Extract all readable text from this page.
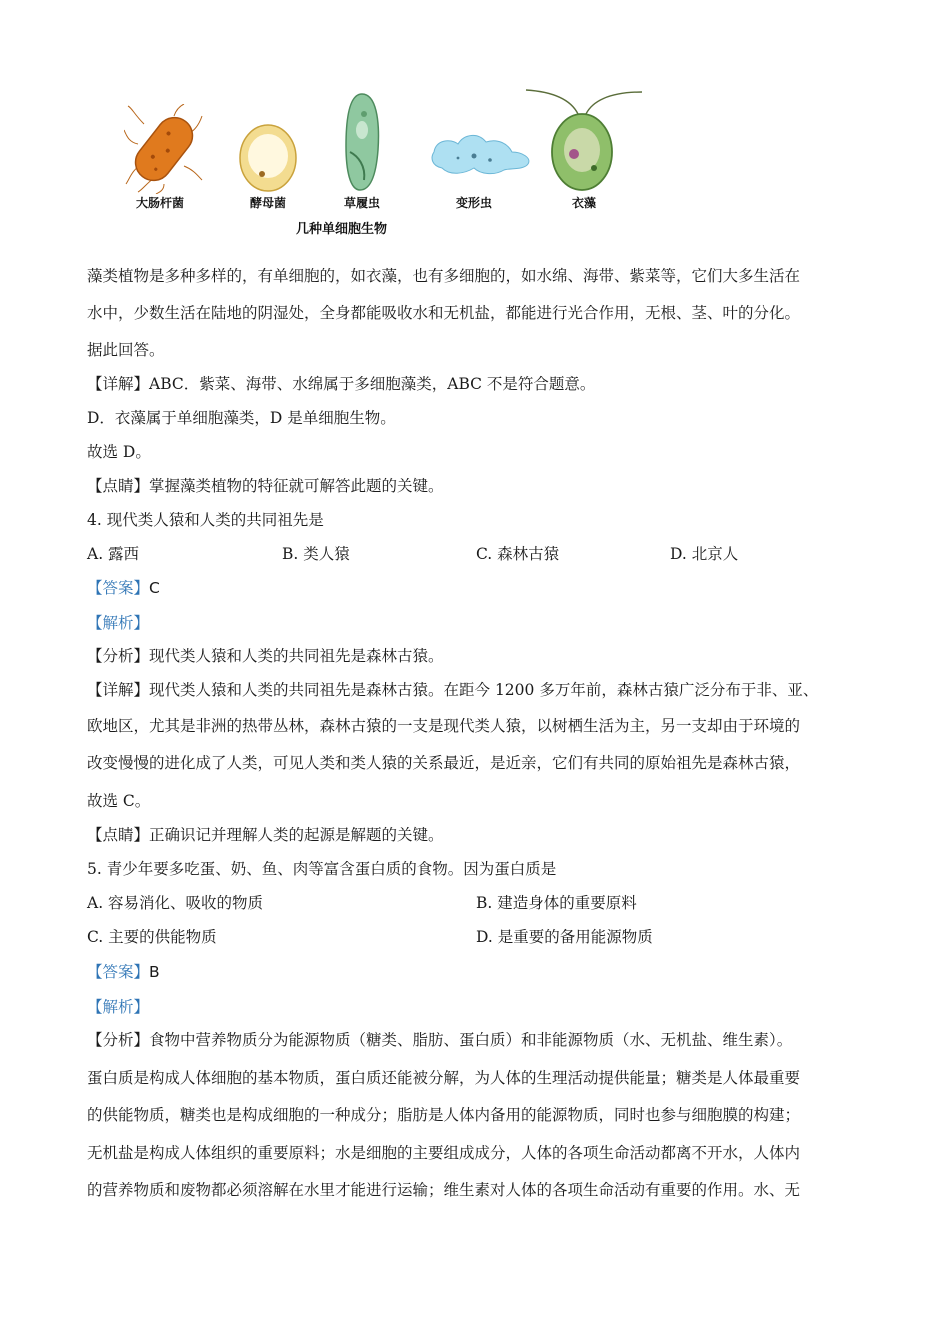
大肠杆菌	酵母菌	草履虫	变形虫	衣藻
几种单细胞生物
藻类植物是多种多样的，有单细胞的，如衣藻，也有多细胞的，如水绵、海带、紫菜等，它们大多生活在
水中，少数生活在陆地的阴湿处，全身都能吸收水和无机盐，都能进行光合作用，无根、茎、叶的分化。
据此回答。
【详解】ABC．紫菜、海带、水绵属于多细胞藻类，ABC 不是符合题意。
D．衣藻属于单细胞藻类，D 是单细胞生物。
故选 D。
【点睛】掌握藻类植物的特征就可解答此题的关键。
4. 现代类人猿和人类的共同祖先是
A. 露西	B. 类人猿	C. 森林古猿	D. 北京人
【答案】C
【解析】
【分析】现代类人猿和人类的共同祖先是森林古猿。
【详解】现代类人猿和人类的共同祖先是森林古猿。在距今 1200 多万年前，森林古猿广泛分布于非、亚、
欧地区，尤其是非洲的热带丛林，森林古猿的一支是现代类人猿，以树栖生活为主，另一支却由于环境的
改变慢慢的进化成了人类，可见人类和类人猿的关系最近，是近亲，它们有共同的原始祖先是森林古猿，
故选 C。
【点睛】正确识记并理解人类的起源是解题的关键。
5. 青少年要多吃蛋、奶、鱼、肉等富含蛋白质的食物。因为蛋白质是
A. 容易消化、吸收的物质	B. 建造身体的重要原料
C. 主要的供能物质	D. 是重要的备用能源物质
【答案】B
【解析】
【分析】食物中营养物质分为能源物质（糖类、脂肪、蛋白质）和非能源物质（水、无机盐、维生素）。
蛋白质是构成人体细胞的基本物质，蛋白质还能被分解，为人体的生理活动提供能量；糖类是人体最重要
的供能物质，糖类也是构成细胞的一种成分；脂肪是人体内备用的能源物质，同时也参与细胞膜的构建；
无机盐是构成人体组织的重要原料；水是细胞的主要组成成分，人体的各项生命活动都离不开水，人体内
的营养物质和废物都必须溶解在水里才能进行运输；维生素对人体的各项生命活动有重要的作用。水、无
